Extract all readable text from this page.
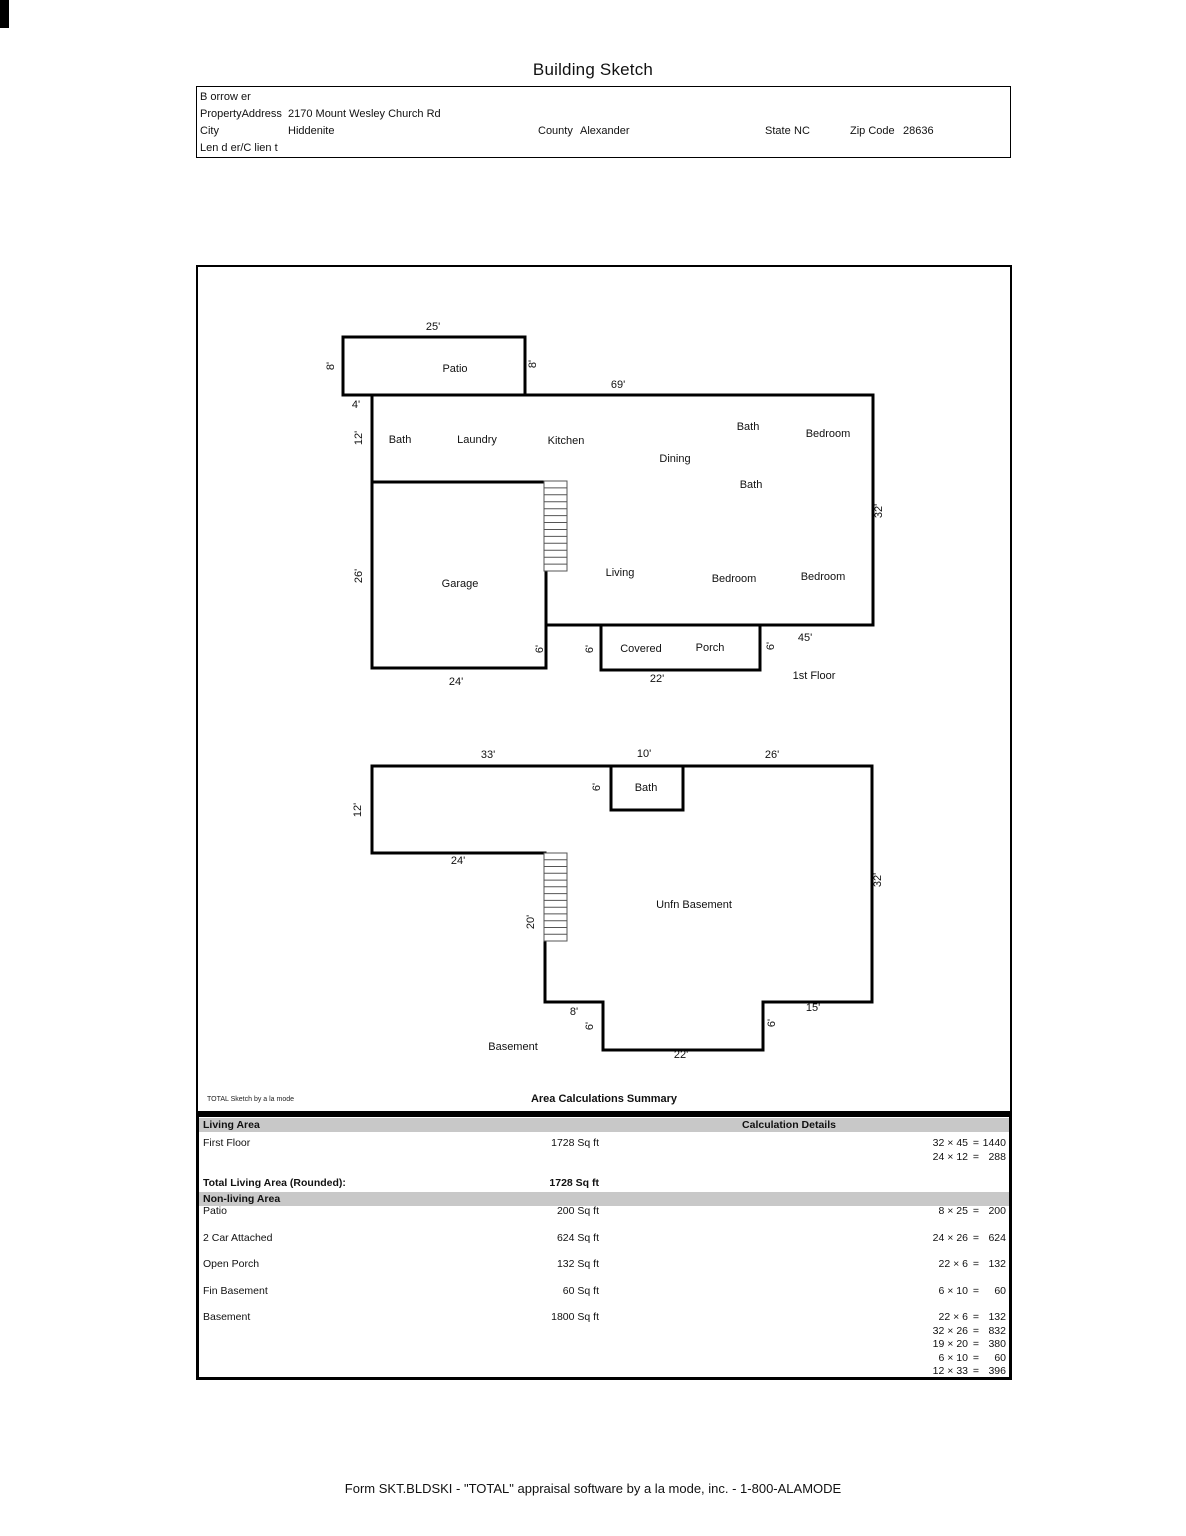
Building Sketch
B orrow er
PropertyAddress 2170 Mount Wesley Church Rd
City	Hiddenite	County Alexander	State NC	Zip Code 28636
Len d er/C lien t
25'
8'	Patio	8'
69'
4'
12' Bath	Laundry	Kitchen
Dining
Bath
Bedroom
Bath
32'
26'
Garage
Living	Bedroom	Bedroom
6'	6' Covered	Porch	6'
45'
22'
24'	1st Floor
33'	10'	26'
12'
6'	Bath
24'
20'
Unfn Basement
32'
8'
6'	6'
15'
22'
Basement
TOTAL Sketch by a la mode	Area Calculations Summary
Living Area	Calculation Details
First Floor	1728 Sq ft	32 × 45 = 1440
24 × 12 = 288
Total Living Area (Rounded):	1728 Sq ft
Non-living Area
Patio	200 Sq ft	8 × 25 = 200
2 Car Attached	624 Sq ft	24 × 26 = 624
Open Porch	132 Sq ft	22 × 6 = 132
Fin Basement	60 Sq ft	6 × 10 =	60
Basement	1800 Sq ft	22 × 6 = 132
32 × 26 = 832
19 × 20 = 380
6 × 10 =	60
12 × 33 = 396
Form SKT.BLDSKI - "TOTAL" appraisal software by a la mode, inc. - 1-800-ALAMODE
